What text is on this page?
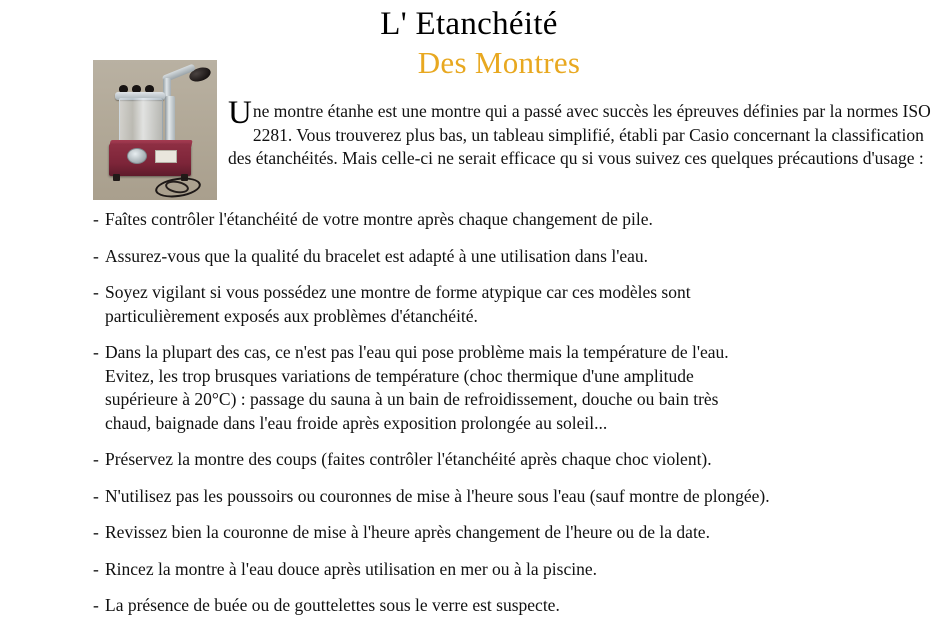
L' Etanchéité
Des Montres
Une montre étanhe est une montre qui a passé avec succès les épreuves définies par la normes ISO 2281. Vous trouverez plus bas, un tableau simplifié, établi par Casio concernant la classification des étanchéités. Mais celle-ci ne serait efficace qu si vous suivez ces quelques précautions d'usage :
- Faîtes contrôler l'étanchéité de votre montre après chaque changement de pile.
- Assurez-vous que la qualité du bracelet est adapté à une utilisation dans l'eau.
- Soyez vigilant si vous possédez une montre de forme atypique car ces modèles sont
particulièrement exposés aux problèmes d'étanchéité.
- Dans la plupart des cas, ce n'est pas l'eau qui pose problème mais la température de l'eau.
Evitez, les trop brusques variations de température (choc thermique d'une amplitude
supérieure à 20°C) : passage du sauna à un bain de refroidissement, douche ou bain très
chaud, baignade dans l'eau froide après exposition prolongée au soleil...
- Préservez la montre des coups (faites contrôler l'étanchéité après chaque choc violent).
- N'utilisez pas les poussoirs ou couronnes de mise à l'heure sous l'eau (sauf montre de plongée).
- Revissez bien la couronne de mise à l'heure après changement de l'heure ou de la date.
- Rincez la montre à l'eau douce après utilisation en mer ou à la piscine.
- La présence de buée ou de gouttelettes sous le verre est suspecte.
